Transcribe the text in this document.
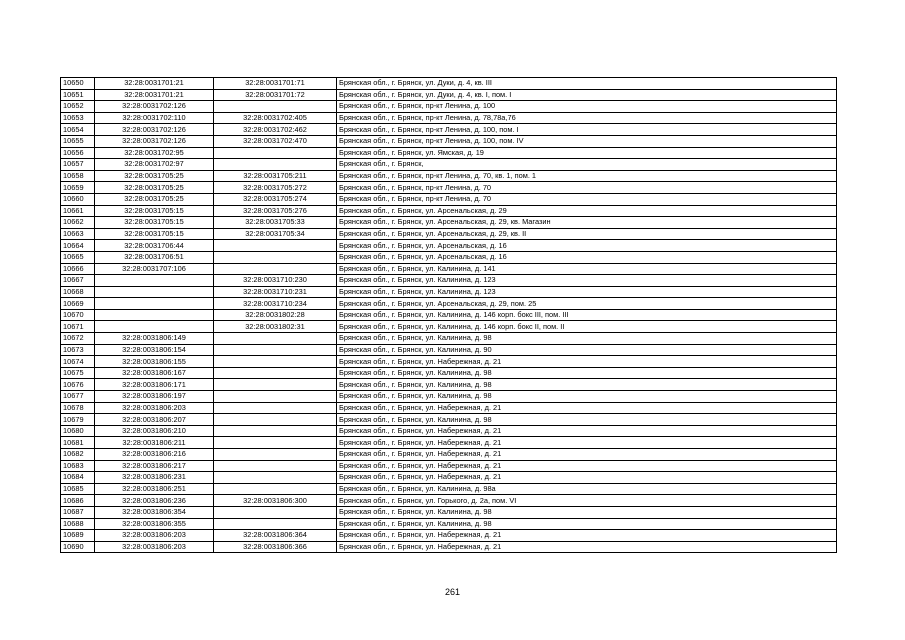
10650	32:28:0031701:21	32:28:0031701:71	Брянская обл., г. Брянск, ул. Дуки, д. 4, кв. III
10651	32:28:0031701:21	32:28:0031701:72	Брянская обл., г. Брянск, ул. Дуки, д. 4, кв. I, пом. I
10652	32:28:0031702:126		Брянская обл., г. Брянск, пр-кт Ленина, д. 100
10653	32:28:0031702:110	32:28:0031702:405	Брянская обл., г. Брянск, пр-кт Ленина, д. 78,78а,76
10654	32:28:0031702:126	32:28:0031702:462	Брянская обл., г. Брянск, пр-кт Ленина, д. 100, пом. I
10655	32:28:0031702:126	32:28:0031702:470	Брянская обл., г. Брянск, пр-кт Ленина, д. 100, пом. IV
10656	32:28:0031702:95		Брянская обл., г. Брянск, ул. Ямская, д. 19
10657	32:28:0031702:97		Брянская обл., г. Брянск,
10658	32:28:0031705:25	32:28:0031705:211	Брянская обл., г. Брянск, пр-кт Ленина, д. 70, кв. 1, пом. 1
10659	32:28:0031705:25	32:28:0031705:272	Брянская обл., г. Брянск, пр-кт Ленина, д. 70
10660	32:28:0031705:25	32:28:0031705:274	Брянская обл., г. Брянск, пр-кт Ленина, д. 70
10661	32:28:0031705:15	32:28:0031705:276	Брянская обл., г. Брянск, ул. Арсенальская, д. 29
10662	32:28:0031705:15	32:28:0031705:33	Брянская обл., г. Брянск, ул. Арсенальская, д. 29, кв. Магазин
10663	32:28:0031705:15	32:28:0031705:34	Брянская обл., г. Брянск, ул. Арсенальская, д. 29, кв. II
10664	32:28:0031706:44		Брянская обл., г. Брянск, ул. Арсенальская, д. 16
10665	32:28:0031706:51		Брянская обл., г. Брянск, ул. Арсенальская, д. 16
10666	32:28:0031707:106		Брянская обл., г. Брянск, ул. Калинина, д. 141
10667		32:28:0031710:230	Брянская обл., г. Брянск, ул. Калинина, д. 123
10668		32:28:0031710:231	Брянская обл., г. Брянск, ул. Калинина, д. 123
10669		32:28:0031710:234	Брянская обл., г. Брянск, ул. Арсенальская, д. 29, пом. 25
10670		32:28:0031802:28	Брянская обл., г. Брянск, ул. Калинина, д. 146 корп. бокс III, пом. III
10671		32:28:0031802:31	Брянская обл., г. Брянск, ул. Калинина, д. 146 корп. бокс II, пом. II
10672	32:28:0031806:149		Брянская обл., г. Брянск, ул. Калинина, д. 98
10673	32:28:0031806:154		Брянская обл., г. Брянск, ул. Калинина, д. 90
10674	32:28:0031806:155		Брянская обл., г. Брянск, ул. Набережная, д. 21
10675	32:28:0031806:167		Брянская обл., г. Брянск, ул. Калинина, д. 98
10676	32:28:0031806:171		Брянская обл., г. Брянск, ул. Калинина, д. 98
10677	32:28:0031806:197		Брянская обл., г. Брянск, ул. Калинина, д. 98
10678	32:28:0031806:203		Брянская обл., г. Брянск, ул. Набережная, д. 21
10679	32:28:0031806:207		Брянская обл., г. Брянск, ул. Калинина, д. 98
10680	32:28:0031806:210		Брянская обл., г. Брянск, ул. Набережная, д. 21
10681	32:28:0031806:211		Брянская обл., г. Брянск, ул. Набережная, д. 21
10682	32:28:0031806:216		Брянская обл., г. Брянск, ул. Набережная, д. 21
10683	32:28:0031806:217		Брянская обл., г. Брянск, ул. Набережная, д. 21
10684	32:28:0031806:231		Брянская обл., г. Брянск, ул. Набережная, д. 21
10685	32:28:0031806:251		Брянская обл., г. Брянск, ул. Калинина, д. 98а
10686	32:28:0031806:236	32:28:0031806:300	Брянская обл., г. Брянск, ул. Горького, д. 2а, пом. VI
10687	32:28:0031806:354		Брянская обл., г. Брянск, ул. Калинина, д. 98
10688	32:28:0031806:355		Брянская обл., г. Брянск, ул. Калинина, д. 98
10689	32:28:0031806:203	32:28:0031806:364	Брянская обл., г. Брянск, ул. Набережная, д. 21
10690	32:28:0031806:203	32:28:0031806:366	Брянская обл., г. Брянск, ул. Набережная, д. 21
261
